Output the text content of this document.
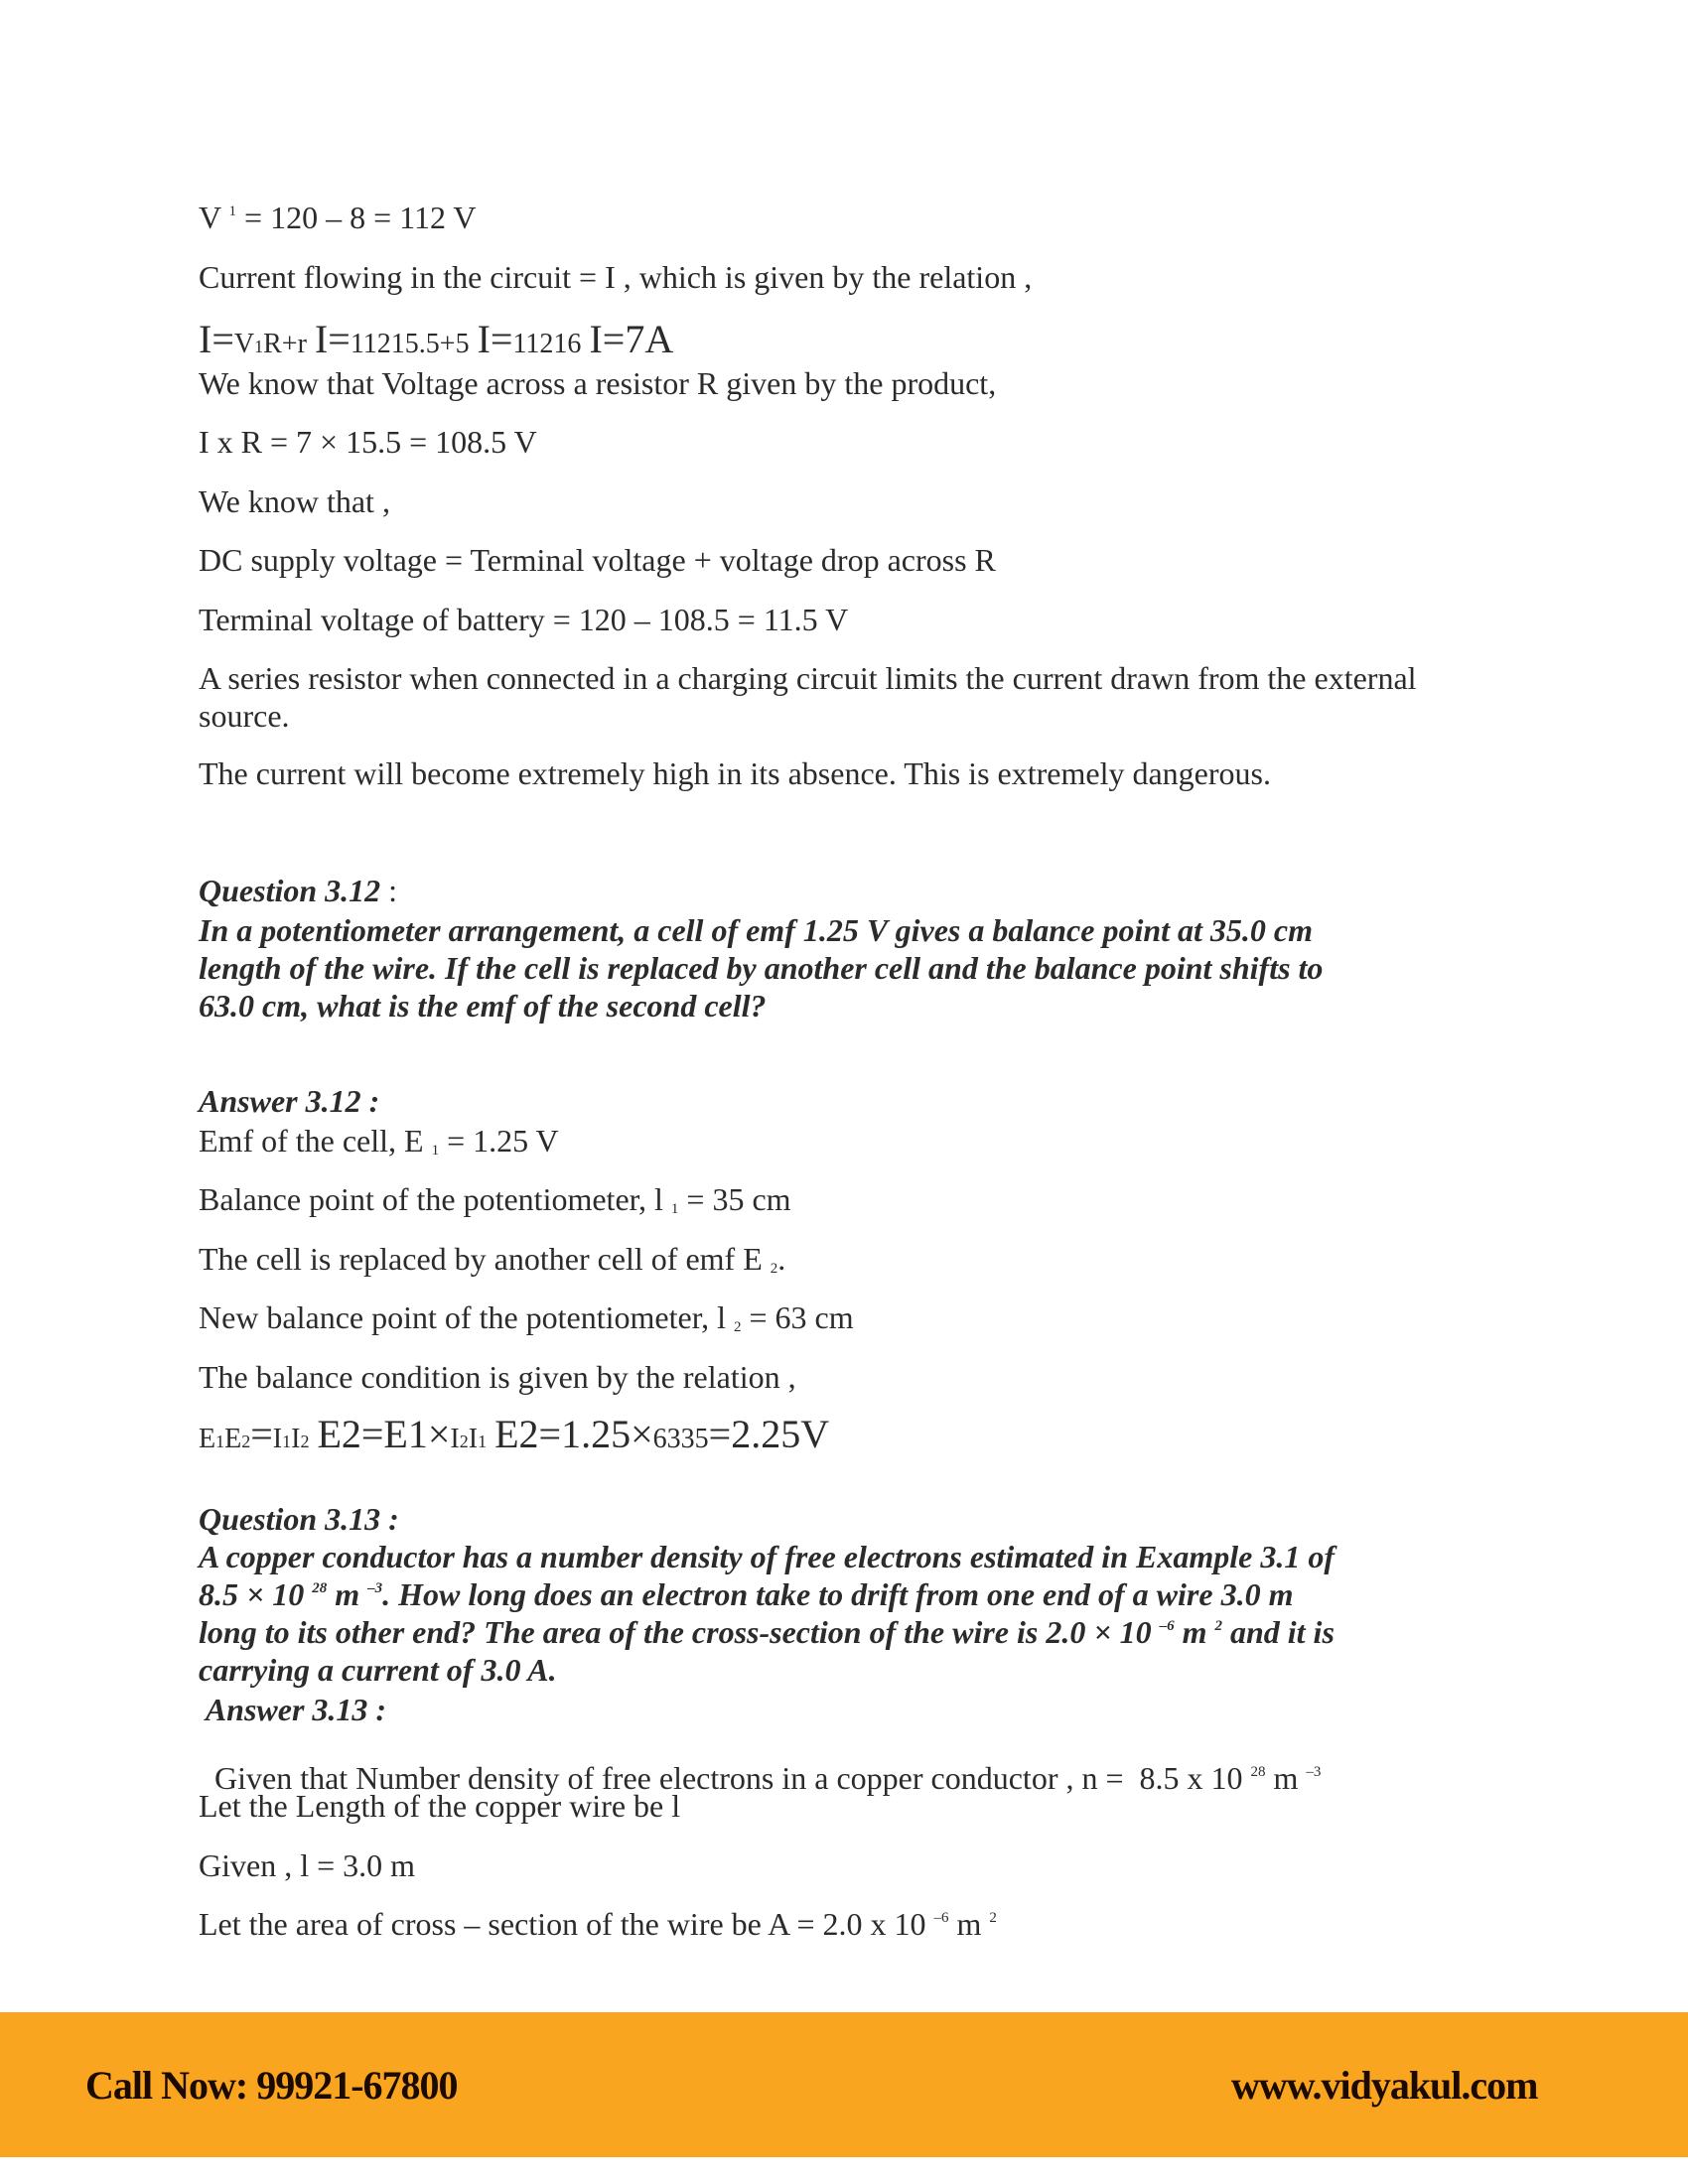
V $^1$ = 120 – 8 = 112 V
Current flowing in the circuit = I , which is given by the relation ,
I=V1R+r I=11215.5+5 I=11216 I=7A
We know that Voltage across a resistor R given by the product,
I x R = 7 × 15.5 = 108.5 V
We know that ,
DC supply voltage = Terminal voltage + voltage drop across R
Terminal voltage of battery = 120 – 108.5 = 11.5 V
A series resistor when connected in a charging circuit limits the current drawn from the external
source.
The current will become extremely high in its absence. This is extremely dangerous.
Question 3.12 :
In a potentiometer arrangement, a cell of emf 1.25 V gives a balance point at 35.0 cm
length of the wire. If the cell is replaced by another cell and the balance point shifts to
63.0 cm, what is the emf of the second cell?
Answer 3.12 :
Emf of the cell, E $_1$ = 1.25 V
Balance point of the potentiometer, l $_1$ = 35 cm
The cell is replaced by another cell of emf E $_2$.
New balance point of the potentiometer, l $_2$ = 63 cm
The balance condition is given by the relation ,
E1E2=I1I2 E2=E1×I2I1 E2=1.25×6335=2.25V
Question 3.13 :
A copper conductor has a number density of free electrons estimated in Example 3.1 of
8.5 × 10 $^{28}$ m $^{-3}$. How long does an electron take to drift from one end of a wire 3.0 m
long to its other end? The area of the cross-section of the wire is 2.0 × 10 $^{-6}$ m $^2$ and it is
carrying a current of 3.0 A.
Answer 3.13 :

Given that Number density of free electrons in a copper conductor , n =  8.5 x 10 $^{28}$ m $^{-3}$

Let the Length of the copper wire be l
Given , l = 3.0 m
Let the area of cross – section of the wire be A = 2.0 x 10 $^{-6}$ m $^2$
Call Now: 99921-67800	www.vidyakul.com
